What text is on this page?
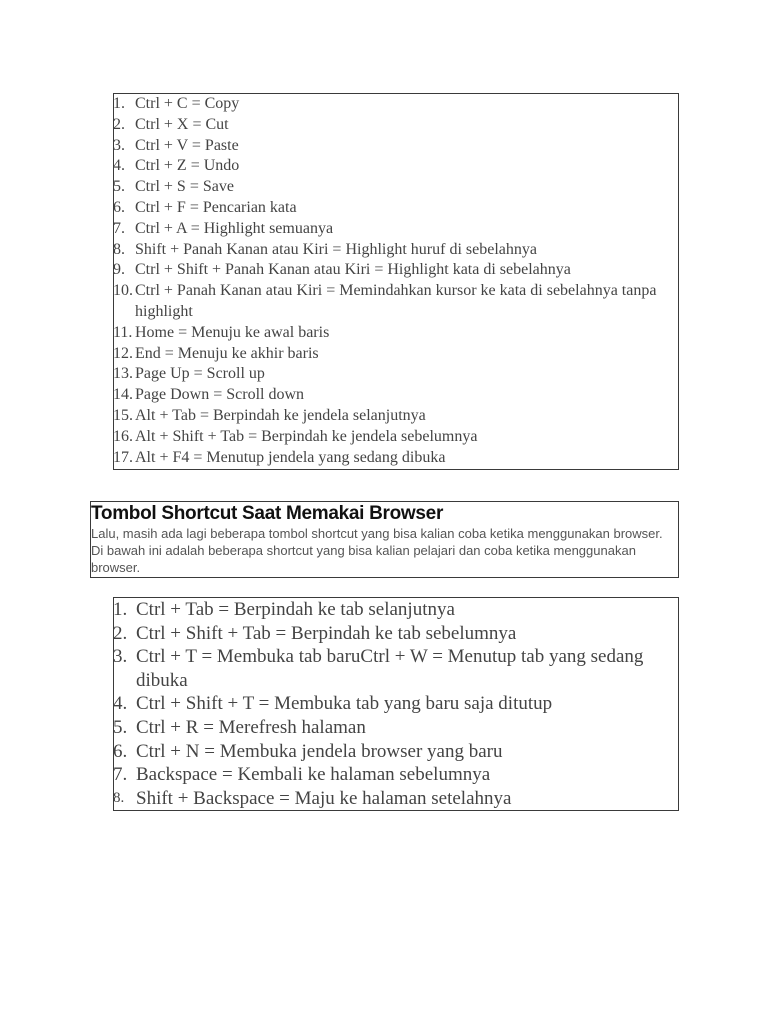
1. Ctrl + C = Copy
2. Ctrl + X = Cut
3. Ctrl + V = Paste
4. Ctrl + Z = Undo
5. Ctrl + S = Save
6. Ctrl + F = Pencarian kata
7. Ctrl + A = Highlight semuanya
8. Shift + Panah Kanan atau Kiri = Highlight huruf di sebelahnya
9. Ctrl + Shift + Panah Kanan atau Kiri = Highlight kata di sebelahnya
10. Ctrl + Panah Kanan atau Kiri = Memindahkan kursor ke kata di sebelahnya tanpa highlight
11. Home = Menuju ke awal baris
12. End = Menuju ke akhir baris
13. Page Up = Scroll up
14. Page Down = Scroll down
15. Alt + Tab = Berpindah ke jendela selanjutnya
16. Alt + Shift + Tab = Berpindah ke jendela sebelumnya
17. Alt + F4 = Menutup jendela yang sedang dibuka
Tombol Shortcut Saat Memakai Browser

Lalu, masih ada lagi beberapa tombol shortcut yang bisa kalian coba ketika menggunakan browser. Di bawah ini adalah beberapa shortcut yang bisa kalian pelajari dan coba ketika menggunakan browser.

1. Ctrl + Tab = Berpindah ke tab selanjutnya
2. Ctrl + Shift + Tab = Berpindah ke tab sebelumnya
3. Ctrl + T = Membuka tab baruCtrl + W = Menutup tab yang sedang dibuka
4. Ctrl + Shift + T = Membuka tab yang baru saja ditutup
5. Ctrl + R = Merefresh halaman
6. Ctrl + N = Membuka jendela browser yang baru
7. Backspace = Kembali ke halaman sebelumnya
8. Shift + Backspace = Maju ke halaman setelahnya
